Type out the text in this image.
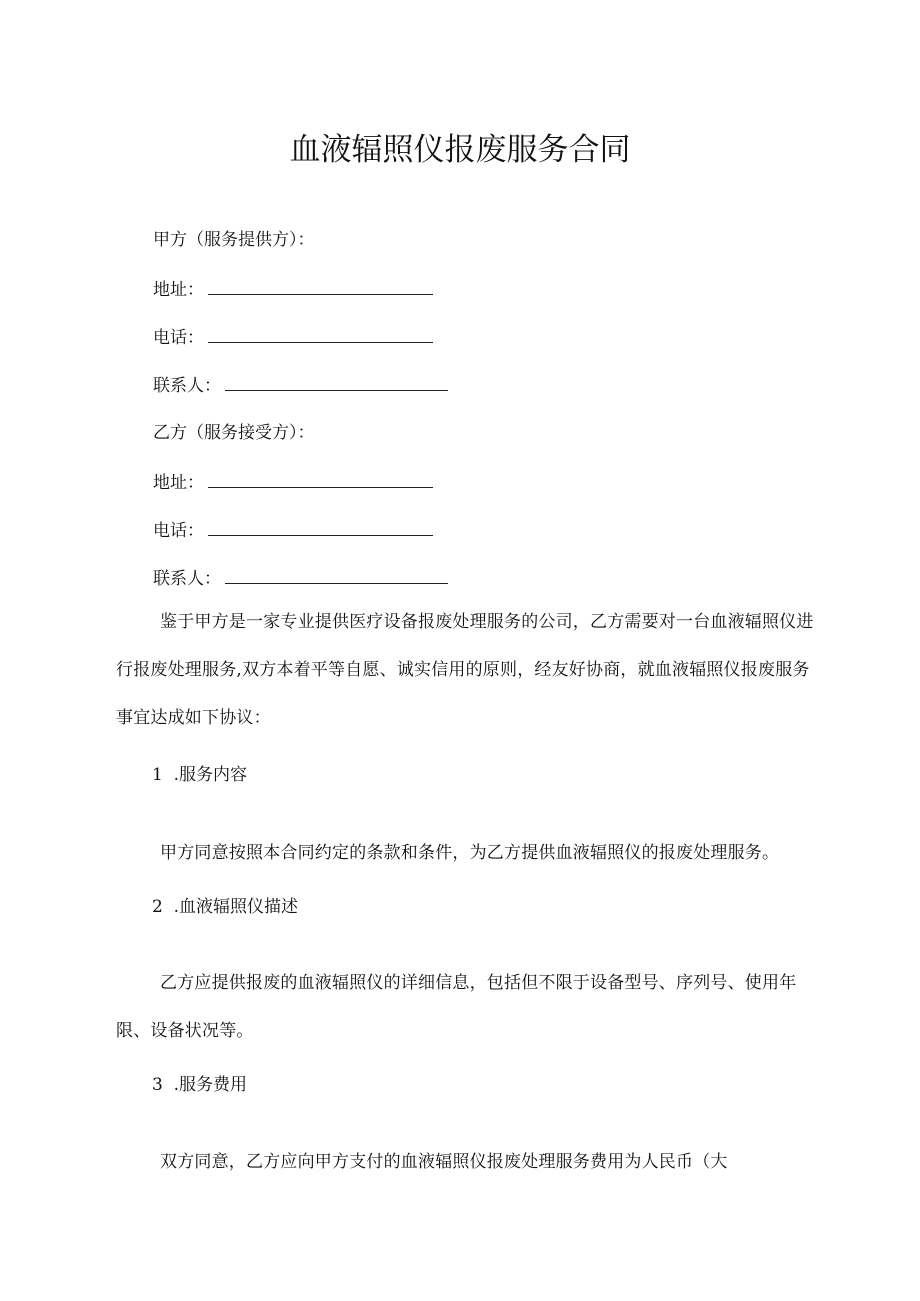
血液辐照仪报废服务合同
甲方（服务提供方）：
地址：
电话：
联系人：
乙方（服务接受方）：
地址：
电话：
联系人：
鉴于甲方是一家专业提供医疗设备报废处理服务的公司，乙方需要对一台血液辐照仪进行报废处理服务,双方本着平等自愿、诚实信用的原则，经友好协商，就血液辐照仪报废服务事宜达成如下协议：
1 .服务内容
甲方同意按照本合同约定的条款和条件，为乙方提供血液辐照仪的报废处理服务。
2 .血液辐照仪描述
乙方应提供报废的血液辐照仪的详细信息，包括但不限于设备型号、序列号、使用年限、设备状况等。
3 .服务费用
双方同意，乙方应向甲方支付的血液辐照仪报废处理服务费用为人民币（大
